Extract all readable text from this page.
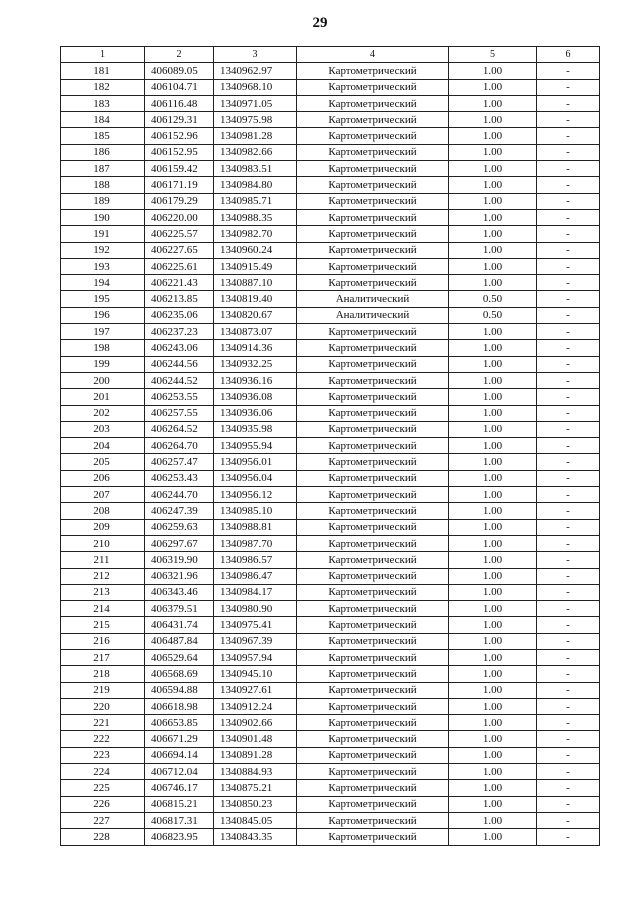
29
1	2	3	4	5	6
181	406089.05	1340962.97	Картометрический	1.00	-
182	406104.71	1340968.10	Картометрический	1.00	-
183	406116.48	1340971.05	Картометрический	1.00	-
184	406129.31	1340975.98	Картометрический	1.00	-
185	406152.96	1340981.28	Картометрический	1.00	-
186	406152.95	1340982.66	Картометрический	1.00	-
187	406159.42	1340983.51	Картометрический	1.00	-
188	406171.19	1340984.80	Картометрический	1.00	-
189	406179.29	1340985.71	Картометрический	1.00	-
190	406220.00	1340988.35	Картометрический	1.00	-
191	406225.57	1340982.70	Картометрический	1.00	-
192	406227.65	1340960.24	Картометрический	1.00	-
193	406225.61	1340915.49	Картометрический	1.00	-
194	406221.43	1340887.10	Картометрический	1.00	-
195	406213.85	1340819.40	Аналитический	0.50	-
196	406235.06	1340820.67	Аналитический	0.50	-
197	406237.23	1340873.07	Картометрический	1.00	-
198	406243.06	1340914.36	Картометрический	1.00	-
199	406244.56	1340932.25	Картометрический	1.00	-
200	406244.52	1340936.16	Картометрический	1.00	-
201	406253.55	1340936.08	Картометрический	1.00	-
202	406257.55	1340936.06	Картометрический	1.00	-
203	406264.52	1340935.98	Картометрический	1.00	-
204	406264.70	1340955.94	Картометрический	1.00	-
205	406257.47	1340956.01	Картометрический	1.00	-
206	406253.43	1340956.04	Картометрический	1.00	-
207	406244.70	1340956.12	Картометрический	1.00	-
208	406247.39	1340985.10	Картометрический	1.00	-
209	406259.63	1340988.81	Картометрический	1.00	-
210	406297.67	1340987.70	Картометрический	1.00	-
211	406319.90	1340986.57	Картометрический	1.00	-
212	406321.96	1340986.47	Картометрический	1.00	-
213	406343.46	1340984.17	Картометрический	1.00	-
214	406379.51	1340980.90	Картометрический	1.00	-
215	406431.74	1340975.41	Картометрический	1.00	-
216	406487.84	1340967.39	Картометрический	1.00	-
217	406529.64	1340957.94	Картометрический	1.00	-
218	406568.69	1340945.10	Картометрический	1.00	-
219	406594.88	1340927.61	Картометрический	1.00	-
220	406618.98	1340912.24	Картометрический	1.00	-
221	406653.85	1340902.66	Картометрический	1.00	-
222	406671.29	1340901.48	Картометрический	1.00	-
223	406694.14	1340891.28	Картометрический	1.00	-
224	406712.04	1340884.93	Картометрический	1.00	-
225	406746.17	1340875.21	Картометрический	1.00	-
226	406815.21	1340850.23	Картометрический	1.00	-
227	406817.31	1340845.05	Картометрический	1.00	-
228	406823.95	1340843.35	Картометрический	1.00	-
